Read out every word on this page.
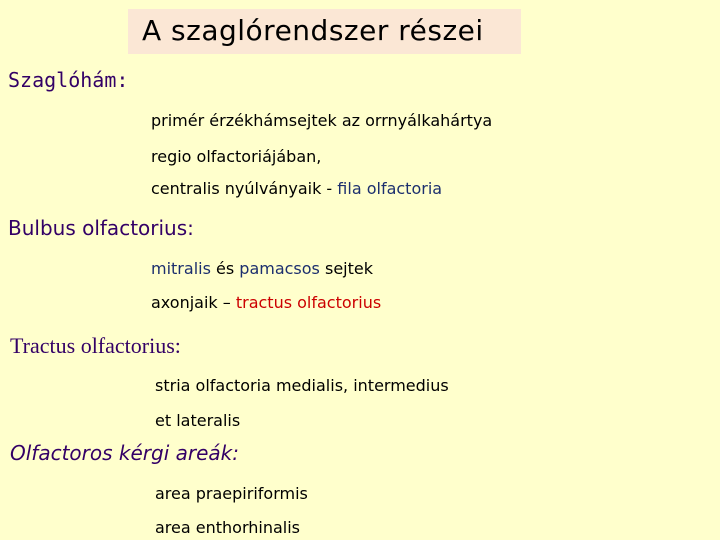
A szaglórendszer részei
Szaglóhám:
primér érzékhámsejtek az orrnyálkahártya
regio olfactoriájában,
centralis nyúlványaik - fila olfactoria
Bulbus olfactorius:
mitralis és pamacsos sejtek
axonjaik – tractus olfactorius
Tractus olfactorius:
stria olfactoria medialis, intermedius
et lateralis
Olfactoros kérgi areák:
area praepiriformis
area enthorhinalis
